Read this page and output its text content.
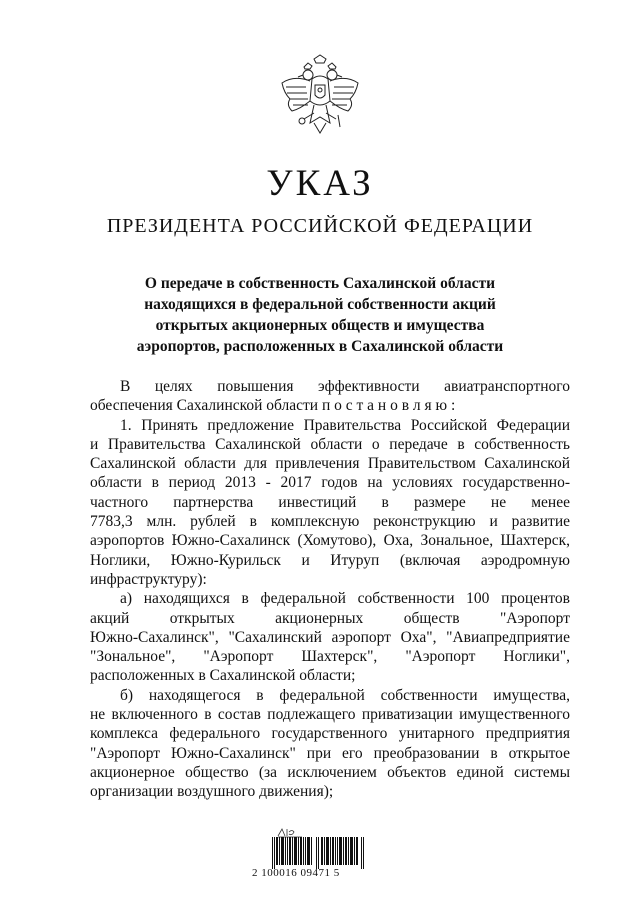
УКАЗ
ПРЕЗИДЕНТА РОССИЙСКОЙ ФЕДЕРАЦИИ
О передаче в собственность Сахалинской области
находящихся в федеральной собственности акций
открытых акционерных обществ и имущества
аэропортов, расположенных в Сахалинской области
В целях повышения эффективности авиатранспортного
обеспечения Сахалинской области п о с т а н о в л я ю :
1. Принять предложение Правительства Российской Федерации
и Правительства Сахалинской области о передаче в собственность
Сахалинской области для привлечения Правительством Сахалинской
области в период 2013 - 2017 годов на условиях государственно-
частного партнерства инвестиций в размере не менее
7783,3 млн. рублей в комплексную реконструкцию и развитие
аэропортов Южно-Сахалинск (Хомутово), Оха, Зональное, Шахтерск,
Ноглики, Южно-Курильск и Итуруп (включая аэродромную
инфраструктуру):
а) находящихся в федеральной собственности 100 процентов
акций открытых акционерных обществ "Аэропорт
Южно-Сахалинск", "Сахалинский аэропорт Оха", "Авиапредприятие
"Зональное", "Аэропорт Шахтерск", "Аэропорт Ноглики",
расположенных в Сахалинской области;
б) находящегося в федеральной собственности имущества,
не включенного в состав подлежащего приватизации имущественного
комплекса федерального государственного унитарного предприятия
"Аэропорт Южно-Сахалинск" при его преобразовании в открытое
акционерное общество (за исключением объектов единой системы
организации воздушного движения);
2 100016 09471 5
